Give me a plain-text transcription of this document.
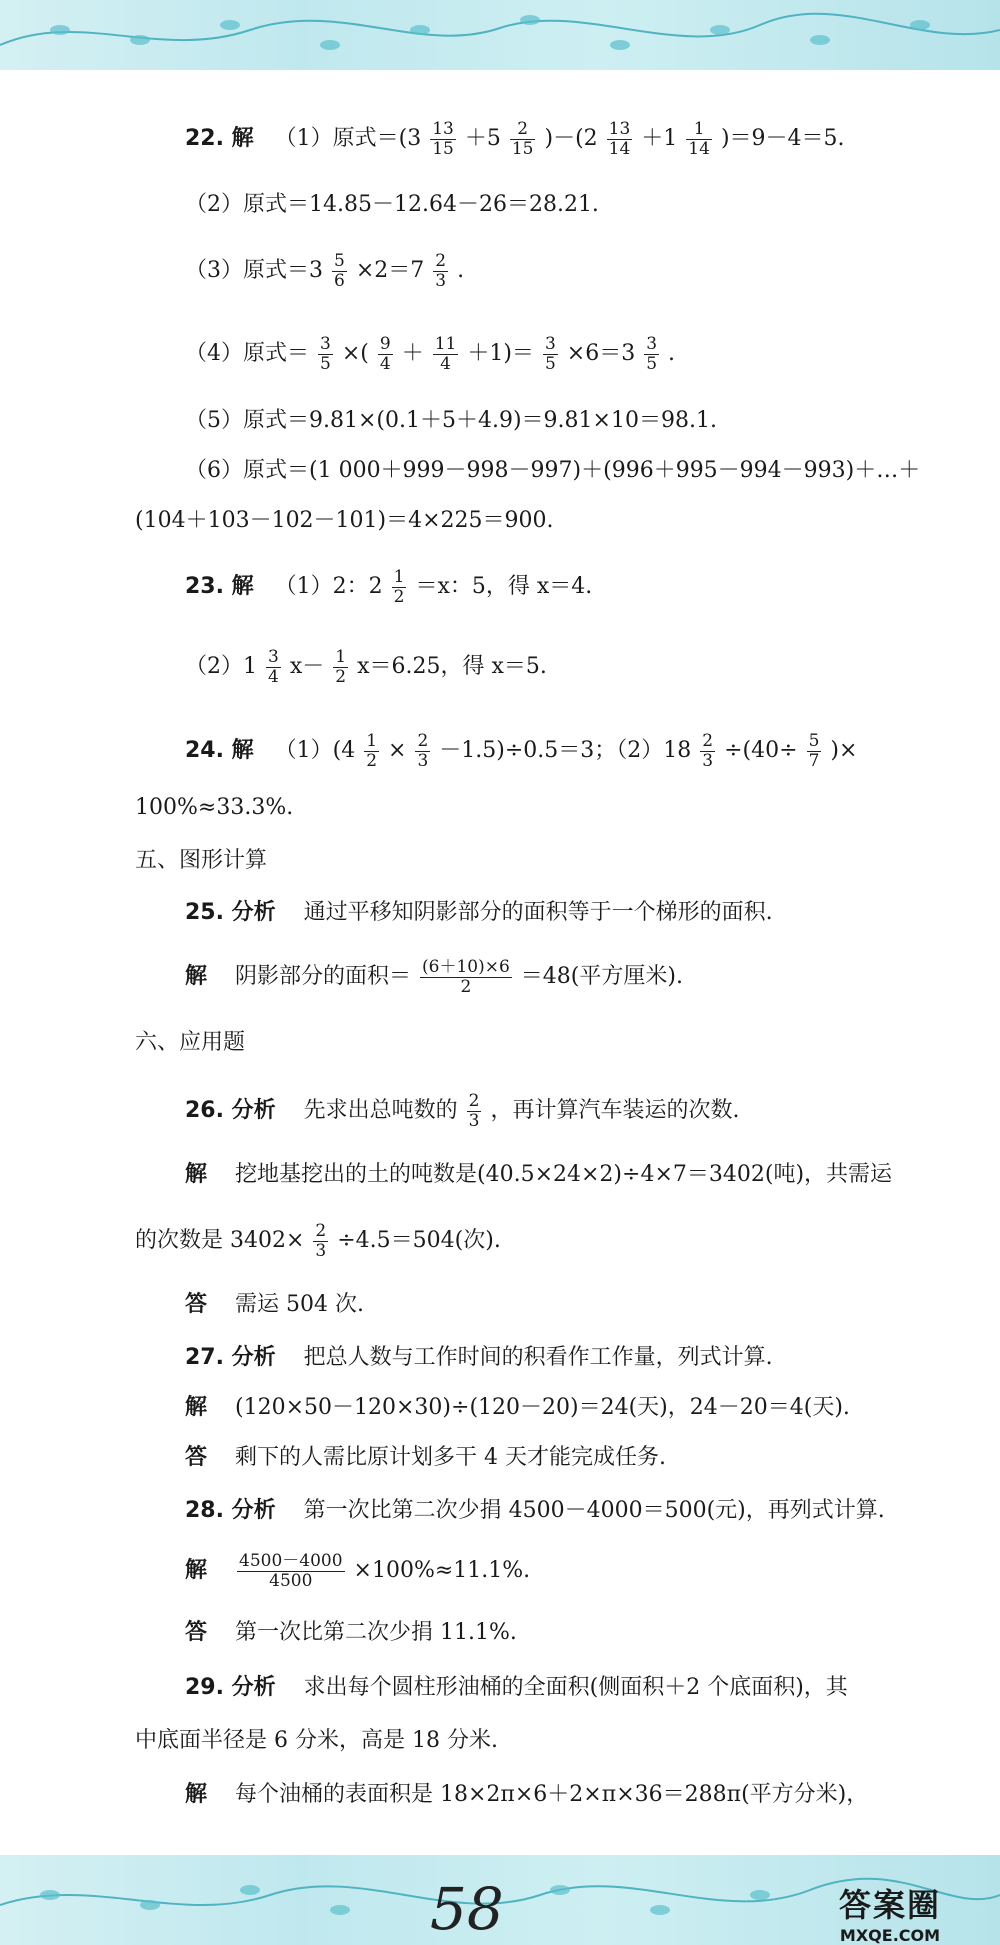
22. 解 （1）原式$=(3 \frac{13}{15} +5 \frac{2}{15} )-(2 \frac{13}{14} +1 \frac{1}{14} )=9-4=5$.
（2）原式＝14.85－12.64－26＝28.21.
（3）原式$=3 \frac{5}{6} \times 2=7 \frac{2}{3}$ .
（4）原式＝ $\frac{3}{5}$ ×( $\frac{9}{4} + \frac{11}{4} +1)= \frac{3}{5} \times 6=3 \frac{3}{5}$ .
（5）原式＝9.81×(0.1＋5＋4.9)＝9.81×10＝98.1.
（6）原式＝(1 000＋999－998－997)＋(996＋995－994－993)＋…＋
(104＋103－102－101)＝4×225＝900.
23. 解 （1）2：$2 \frac{1}{2} =x$：5，得 x＝4.
$(2)1 \frac{3}{4} x- \frac{1}{2} x=6.25$，得 x＝5.
24. 解 $(1)(4 \frac{1}{2} \times \frac{2}{3} -1.5)\div 0.5=3$；$(2)18 \frac{2}{3} \div(40\div \frac{5}{7}$ )×
100%≈33.3%.
五、图形计算
25. 分析 通过平移知阴影部分的面积等于一个梯形的面积.
解 阴影部分的面积＝ $\frac{(6+10)\times 6}{2} =48$(平方厘米).
六、应用题
26. 分析 先求出总吨数的 $\frac{2}{3}$ ，再计算汽车装运的次数.
解 挖地基挖出的土的吨数是(40.5×24×2)÷4×7＝3402(吨)，共需运
的次数是 $3402\times \frac{2}{3} \div 4.5=504$(次).
答 需运 504 次.
27. 分析 把总人数与工作时间的积看作工作量，列式计算.
解 (120×50－120×30)÷(120－20)＝24(天)，24－20＝4(天).
答 剩下的人需比原计划多干 4 天才能完成任务.
28. 分析 第一次比第二次少捐 4500－4000＝500(元)，再列式计算.
解 $\frac{4500-4000}{4500} \times 100\%\approx 11.1\%$.
答 第一次比第二次少捐 11.1%.
29. 分析 求出每个圆柱形油桶的全面积(侧面积＋2 个底面积)，其
中底面半径是 6 分米，高是 18 分米.
解 每个油桶的表面积是 18×2π×6＋2×π×36＝288π(平方分米)，
58	答案圈
MXQE.COM
